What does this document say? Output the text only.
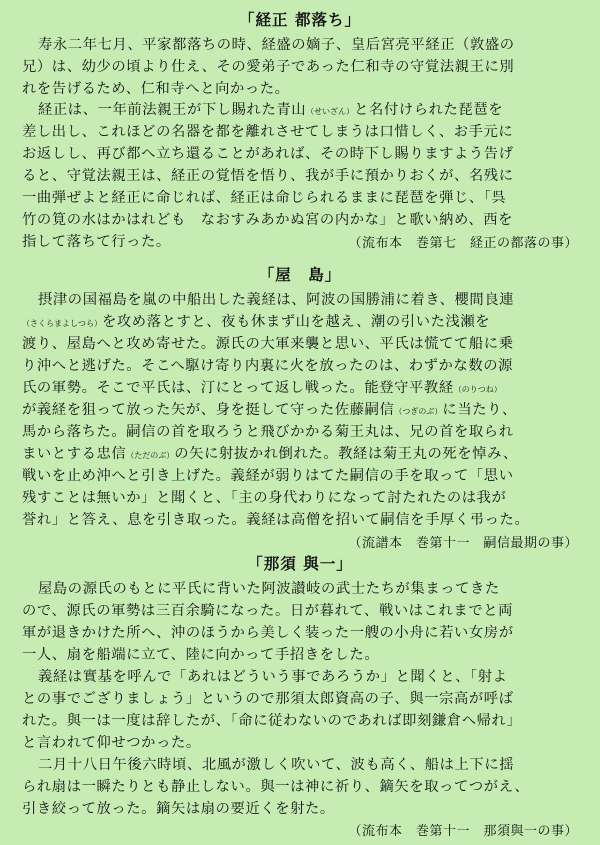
「経正 都落ち」
寿永二年七月、平家都落ちの時、経盛の嫡子、皇后宮亮平経正（敦盛の
兄）は、幼少の頃より仕え、その愛弟子であった仁和寺の守覚法親王に別
れを告げるため、仁和寺へと向かった。
経正は、一年前法親王が下し賜れた青山（せいざん）と名付けられた琵琶を
差し出し、これほどの名器を都を離れさせてしまうは口惜しく、お手元に
お返しし、再び都へ立ち還ることがあれば、その時下し賜りますよう告げ
ると、守覚法親王は、経正の覚悟を悟り、我が手に預かりおくが、名残に
一曲弾ぜよと経正に命じれば、経正は命じられるままに琵琶を弾じ、「呉
竹の筧の水はかはれども　なおすみあかぬ宮の内かな」と歌い納め、西を
指して落ちて行った。	（流布本　巻第七　経正の都落の事）
「屋　島」
摂津の国福島を嵐の中船出した義経は、阿波の国勝浦に着き、櫻間良連
（さくらまよしつら）を攻め落とすと、夜も休まず山を越え、潮の引いた浅瀬を
渡り、屋島へと攻め寄せた。源氏の大軍来襲と思い、平氏は慌てて船に乗
り沖へと逃げた。そこへ駆け寄り内裏に火を放ったのは、わずかな数の源
氏の軍勢。そこで平氏は、汀にとって返し戦った。能登守平教経（のりつね）
が義経を狙って放った矢が、身を挺して守った佐藤嗣信（つぎのぶ）に当たり、
馬から落ちた。嗣信の首を取ろうと飛びかかる菊王丸は、兄の首を取られ
まいとする忠信（ただのぶ）の矢に射抜かれ倒れた。教経は菊王丸の死を悼み、
戦いを止め沖へと引き上げた。義経が弱りはてた嗣信の手を取って「思い
残すことは無いか」と聞くと、「主の身代わりになって討たれたのは我が
誉れ」と答え、息を引き取った。義経は高僧を招いて嗣信を手厚く弔った。
（流譜本　巻第十一　嗣信最期の事）
「那須 與一」
屋島の源氏のもとに平氏に背いた阿波讃岐の武士たちが集まってきた
ので、源氏の軍勢は三百余騎になった。日が暮れて、戦いはこれまでと両
軍が退きかけた所へ、沖のほうから美しく装った一艘の小舟に若い女房が
一人、扇を船端に立て、陸に向かって手招きをした。
義経は實基を呼んで「あれはどういう事であろうか」と聞くと、「射よ
との事でござりましょう」というので那須太郎資高の子、與一宗高が呼ば
れた。與一は一度は辞したが、「命に従わないのであれば即刻鎌倉へ帰れ」
と言われて仰せつかった。
二月十八日午後六時頃、北風が激しく吹いて、波も高く、船は上下に揺
られ扇は一瞬たりとも静止しない。與一は神に祈り、鏑矢を取ってつがえ、
引き絞って放った。鏑矢は扇の要近くを射た。
（流布本　巻第十一　那須與一の事）
